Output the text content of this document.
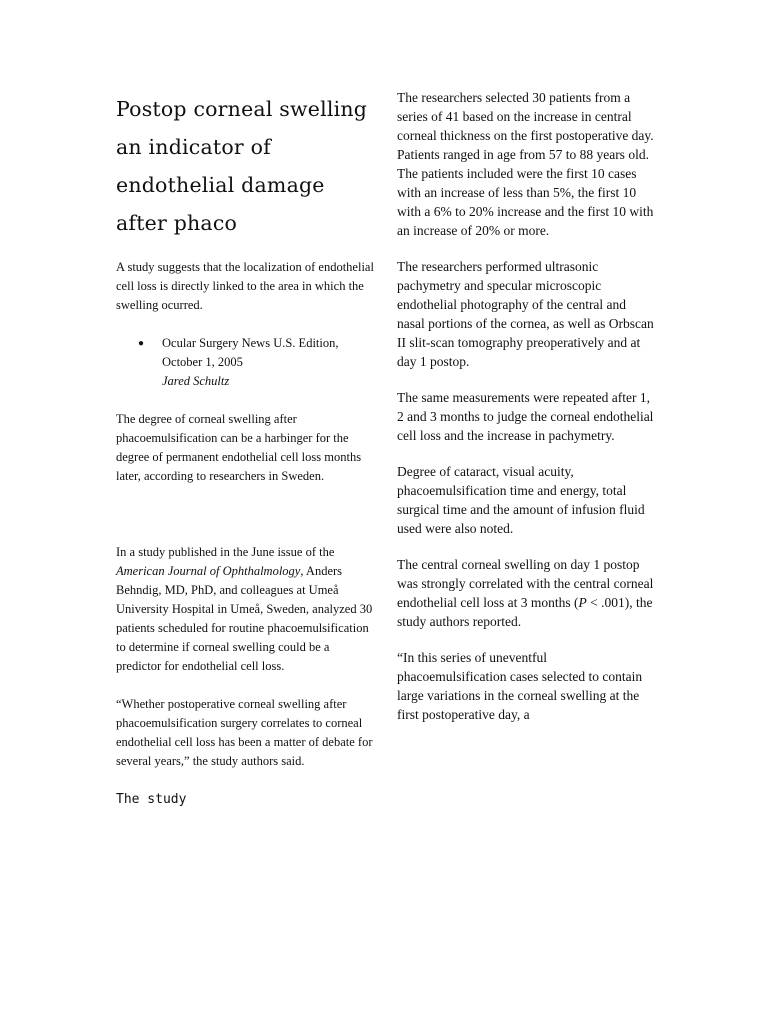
Postop corneal swelling an indicator of endothelial damage after phaco

A study suggests that the localization of endothelial cell loss is directly linked to the area in which the swelling ocurred.

● Ocular Surgery News U.S. Edition, October 1, 2005
Jared Schultz

The degree of corneal swelling after phacoemulsification can be a harbinger for the degree of permanent endothelial cell loss months later, according to researchers in Sweden.

In a study published in the June issue of the American Journal of Ophthalmology, Anders Behndig, MD, PhD, and colleagues at Umeå University Hospital in Umeå, Sweden, analyzed 30 patients scheduled for routine phacoemulsification to determine if corneal swelling could be a predictor for endothelial cell loss.

“Whether postoperative corneal swelling after phacoemulsification surgery correlates to corneal endothelial cell loss has been a matter of debate for several years,” the study authors said.

The study

The researchers selected 30 patients from a series of 41 based on the increase in central corneal thickness on the first postoperative day. Patients ranged in age from 57 to 88 years old. The patients included were the first 10 cases with an increase of less than 5%, the first 10 with a 6% to 20% increase and the first 10 with an increase of 20% or more.

The researchers performed ultrasonic pachymetry and specular microscopic endothelial photography of the central and nasal portions of the cornea, as well as Orbscan II slit-scan tomography preoperatively and at day 1 postop.

The same measurements were repeated after 1, 2 and 3 months to judge the corneal endothelial cell loss and the increase in pachymetry.

Degree of cataract, visual acuity, phacoemulsification time and energy, total surgical time and the amount of infusion fluid used were also noted.

The central corneal swelling on day 1 postop was strongly correlated with the central corneal endothelial cell loss at 3 months (P < .001), the study authors reported.

“In this series of uneventful phacoemulsification cases selected to contain large variations in the corneal swelling at the first postoperative day, a
